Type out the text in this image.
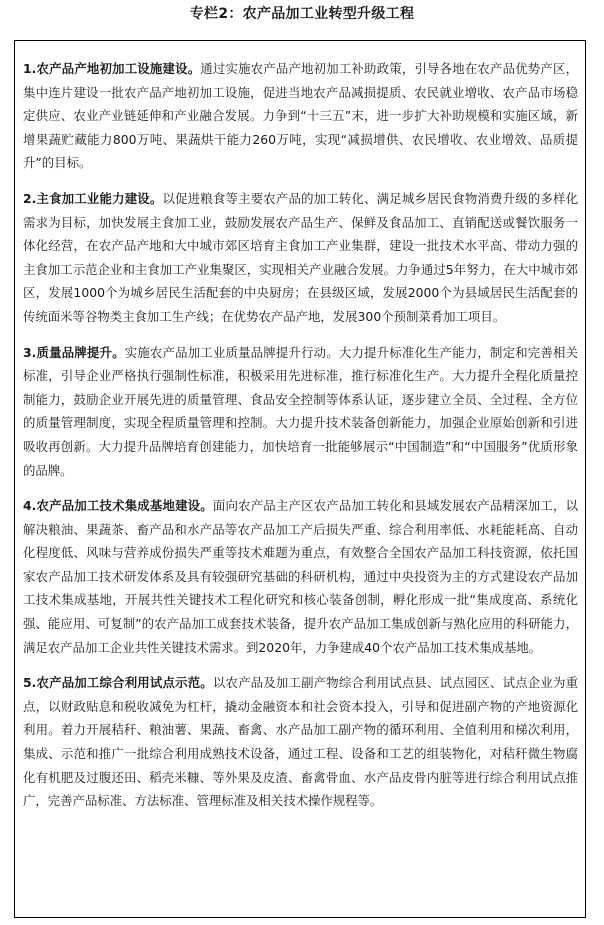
专栏2：农产品加工业转型升级工程

1.农产品产地初加工设施建设。通过实施农产品产地初加工补助政策，引导各地在农产品优势产区，集中连片建设一批农产品产地初加工设施，促进当地农产品减损提质、农民就业增收、农产品市场稳定供应、农业产业链延伸和产业融合发展。力争到“十三五”末，进一步扩大补助规模和实施区域，新增果蔬贮藏能力800万吨、果蔬烘干能力260万吨，实现“减损增供、农民增收、农业增效、品质提升”的目标。

2.主食加工业能力建设。以促进粮食等主要农产品的加工转化、满足城乡居民食物消费升级的多样化需求为目标，加快发展主食加工业，鼓励发展农产品生产、保鲜及食品加工、直销配送或餐饮服务一体化经营，在农产品产地和大中城市郊区培育主食加工产业集群，建设一批技术水平高、带动力强的主食加工示范企业和主食加工产业集聚区，实现相关产业融合发展。力争通过5年努力，在大中城市郊区，发展1000个为城乡居民生活配套的中央厨房；在县级区域，发展2000个为县域居民生活配套的传统面米等谷物类主食加工生产线；在优势农产品产地，发展300个预制菜肴加工项目。

3.质量品牌提升。实施农产品加工业质量品牌提升行动。大力提升标准化生产能力，制定和完善相关标准，引导企业严格执行强制性标准，积极采用先进标准，推行标准化生产。大力提升全程化质量控制能力，鼓励企业开展先进的质量管理、食品安全控制等体系认证，逐步建立全员、全过程、全方位的质量管理制度，实现全程质量管理和控制。大力提升技术装备创新能力，加强企业原始创新和引进吸收再创新。大力提升品牌培育创建能力，加快培育一批能够展示“中国制造”和“中国服务”优质形象的品牌。

4.农产品加工技术集成基地建设。面向农产品主产区农产品加工转化和县域发展农产品精深加工，以解决粮油、果蔬茶、畜产品和水产品等农产品加工产后损失严重、综合利用率低、水耗能耗高、自动化程度低、风味与营养成份损失严重等技术难题为重点，有效整合全国农产品加工科技资源，依托国家农产品加工技术研发体系及具有较强研究基础的科研机构，通过中央投资为主的方式建设农产品加工技术集成基地，开展共性关键技术工程化研究和核心装备创制，孵化形成一批“集成度高、系统化强、能应用、可复制”的农产品加工成套技术装备，提升农产品加工集成创新与熟化应用的科研能力，满足农产品加工企业共性关键技术需求。到2020年，力争建成40个农产品加工技术集成基地。

5.农产品加工综合利用试点示范。以农产品及加工副产物综合利用试点县、试点园区、试点企业为重点，以财政贴息和税收减免为杠杆，撬动金融资本和社会资本投入，引导和促进副产物的产地资源化利用。着力开展秸秆、粮油薯、果蔬、畜禽、水产品加工副产物的循环利用、全值利用和梯次利用，集成、示范和推广一批综合利用成熟技术设备，通过工程、设备和工艺的组装物化，对秸秆微生物腐化有机肥及过腹还田、稻壳米糠、等外果及皮渣、畜禽骨血、水产品皮骨内脏等进行综合利用试点推广，完善产品标准、方法标准、管理标准及相关技术操作规程等。
